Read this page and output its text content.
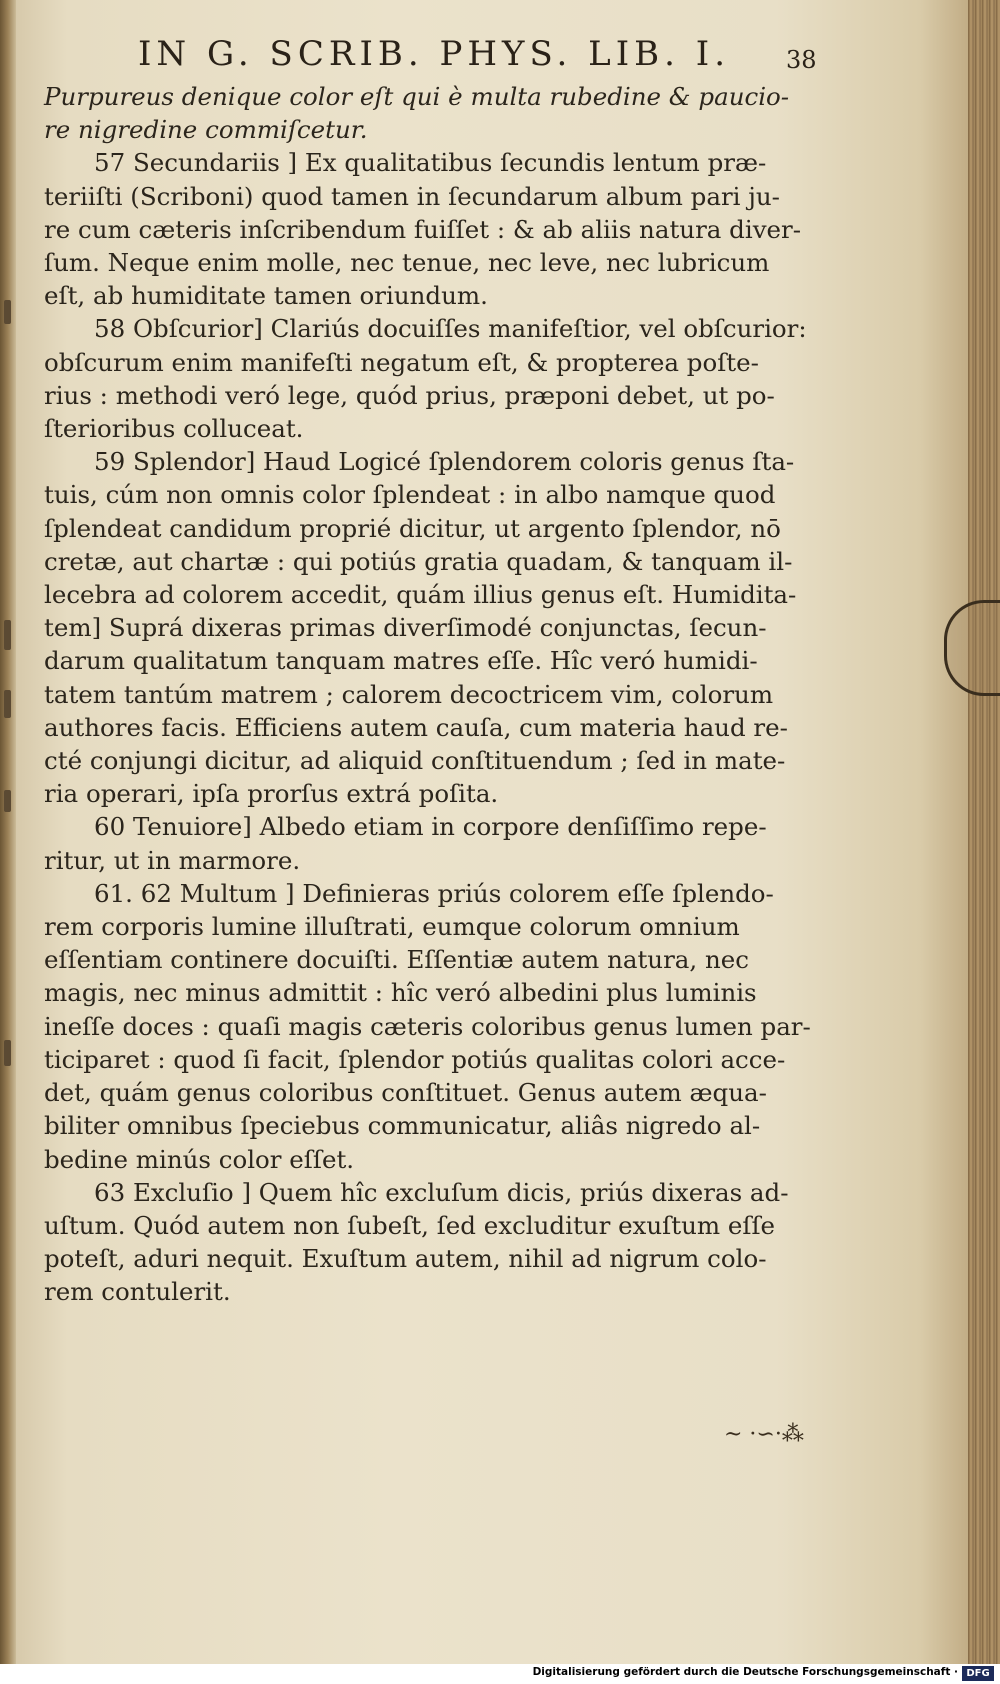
IN G. SCRIB. PHYS. LIB. I.	38
Purpureus denique color eſt qui è multa rubedine & paucio-
re nigredine commiſcetur.
57 Secundariis ] Ex qualitatibus ſecundis lentum præ-
teriiſti (Scriboni) quod tamen in ſecundarum album pari ju-
re cum cæteris inſcribendum fuiſſet : & ab aliis natura diver-
ſum. Neque enim molle, nec tenue, nec leve, nec lubricum
eſt, ab humiditate tamen oriundum.
58 Obſcurior] Clariús docuiſſes manifeſtior, vel obſcurior:
obſcurum enim manifeſti negatum eſt, & propterea poſte-
rius : methodi veró lege, quód prius, præponi debet, ut po-
ſterioribus colluceat.
59 Splendor] Haud Logicé ſplendorem coloris genus ſta-
tuis, cúm non omnis color ſplendeat : in albo namque quod
ſplendeat candidum proprié dicitur, ut argento ſplendor, nō
cretæ, aut chartæ : qui potiús gratia quadam, & tanquam il-
lecebra ad colorem accedit, quám illius genus eſt. Humidita-
tem] Suprá dixeras primas diverſimodé conjunctas, ſecun-
darum qualitatum tanquam matres eſſe. Hîc veró humidi-
tatem tantúm matrem ; calorem decoctricem vim, colorum
authores facis. Efficiens autem cauſa, cum materia haud re-
cté conjungi dicitur, ad aliquid conſtituendum ; ſed in mate-
ria operari, ipſa prorſus extrá poſita.
60 Tenuiore] Albedo etiam in corpore denſiſſimo repe-
ritur, ut in marmore.
61. 62 Multum ] Definieras priús colorem eſſe ſplendo-
rem corporis lumine illuſtrati, eumque colorum omnium
eſſentiam continere docuiſti. Eſſentiæ autem natura, nec
magis, nec minus admittit : hîc veró albedini plus luminis
ineſſe doces : quaſi magis cæteris coloribus genus lumen par-
ticiparet : quod ſi facit, ſplendor potiús qualitas colori acce-
det, quám genus coloribus conſtituet. Genus autem æqua-
biliter omnibus ſpeciebus communicatur, aliâs nigredo al-
bedine minús color eſſet.
63 Excluſio ] Quem hîc excluſum dicis, priús dixeras ad-
uſtum. Quód autem non ſubeſt, ſed excluditur exuſtum eſſe
poteſt, aduri nequit. Exuſtum autem, nihil ad nigrum colo-
rem contulerit.
~ ·∽·⁂
Digitalisierung gefördert durch die Deutsche Forschungsgemeinschaft · DFG
